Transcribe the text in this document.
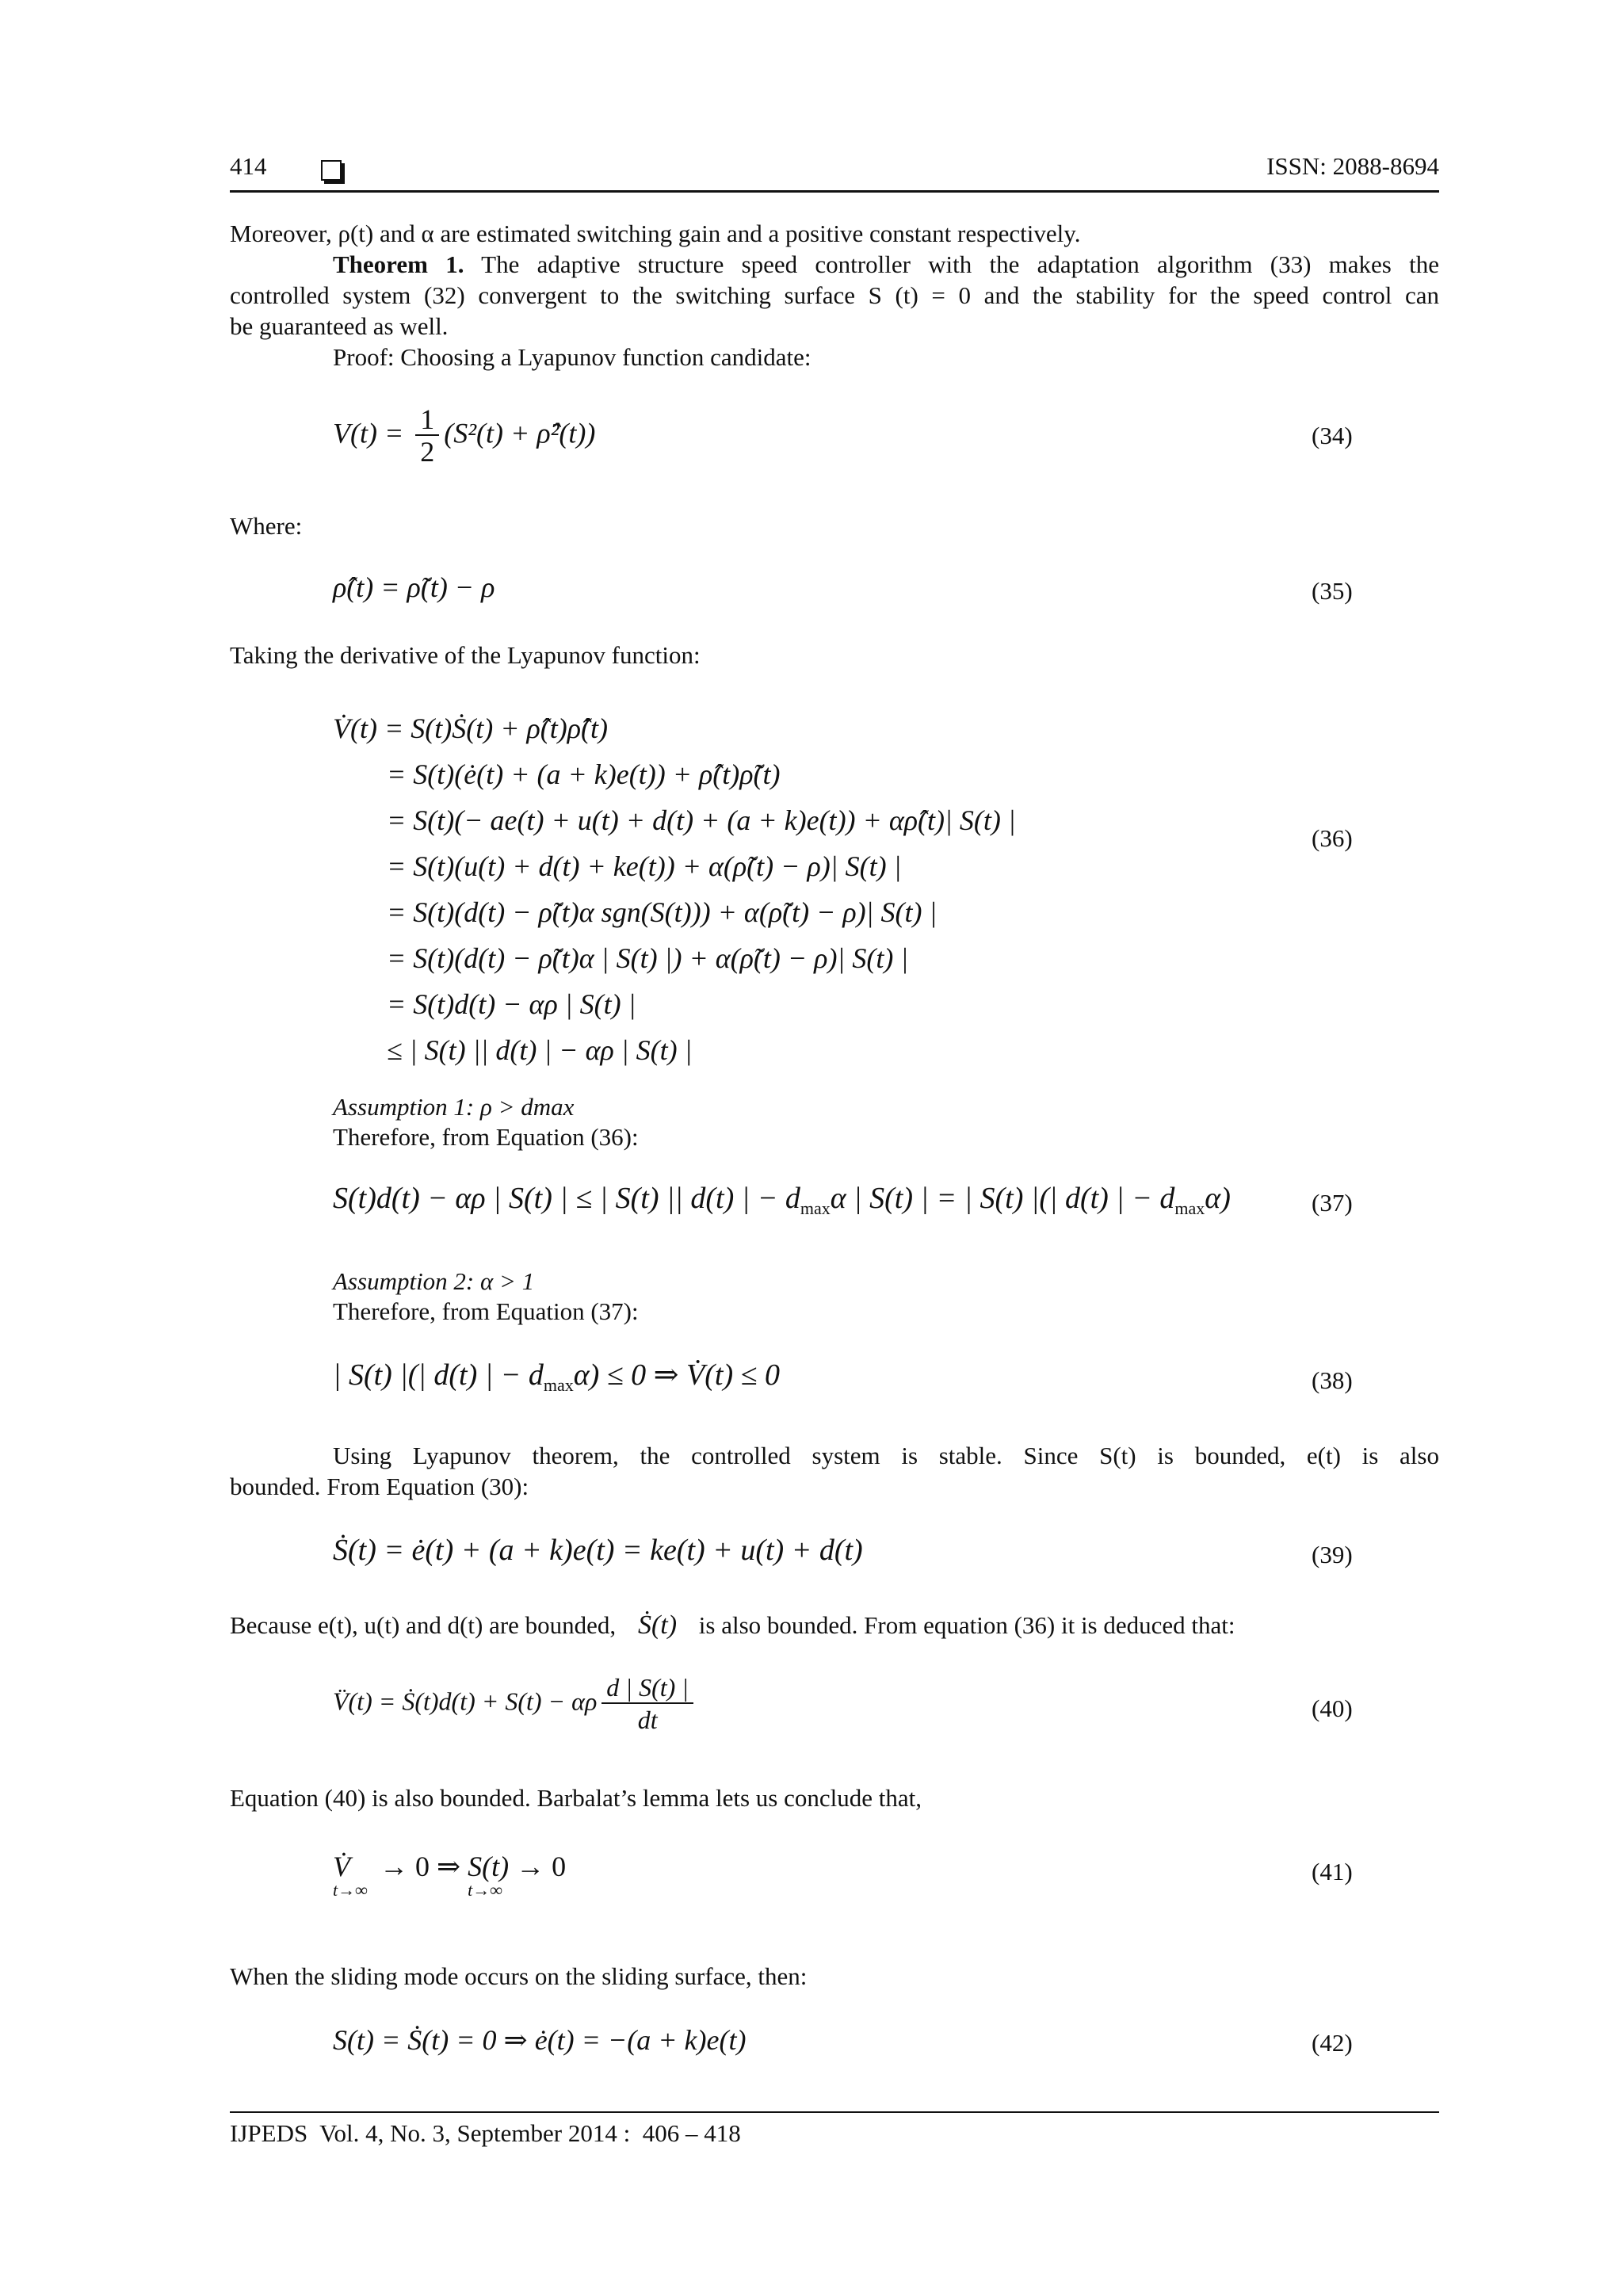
414	ISSN: 2088-8694
Moreover, ρ(t) and α are estimated switching gain and a positive constant respectively.
Theorem 1. The adaptive structure speed controller with the adaptation algorithm (33) makes the
controlled system (32) convergent to the switching surface S (t) = 0 and the stability for the speed control can
be guaranteed as well.
Proof: Choosing a Lyapunov function candidate:
$V(t) = \frac{1}{2} (S^2(t)$ + ρ̂²(t))	(34)
Where:
ρ̂(t) = ρ̃(t) − ρ	(35)
Taking the derivative of the Lyapunov function:
V̇(t) = S(t)Ṡ(t) + ρ̂(t)ρ̂̇(t)
= S(t)(ė(t) + (a + k)e(t)) + ρ̂(t)ρ̃̇(t)
= S(t)(− ae(t) + u(t) + d(t) + (a + k)e(t)) + αρ̂(t)| S(t) |
= S(t)(u(t) + d(t) + ke(t)) + α(ρ̃(t) − ρ)| S(t) |
= S(t)(d(t) − ρ̃(t)α sgn(S(t))) + α(ρ̃(t) − ρ)| S(t) |
= S(t)(d(t) − ρ̃(t)α | S(t) |) + α(ρ̃(t) − ρ)| S(t) |
= S(t)d(t) − αρ | S(t) |
≤ | S(t) || d(t) | − αρ | S(t) |
(36)
Assumption 1: ρ > dmax
Therefore, from Equation (36):
S(t)d(t) − αρ | S(t) | ≤ | S(t) || d(t) | − $d_{max}\alpha$ | S(t) | = | S(t) |(| d(t) | − $d_{max}\alpha$)	(37)
Assumption 2: α > 1
Therefore, from Equation (37):
| S(t) |(| d(t) | − $d_{max}\alpha) \le 0$ ⇒ V̇(t) ≤ 0	(38)
Using Lyapunov theorem, the controlled system is stable. Since S(t) is bounded, e(t) is also
bounded. From Equation (30):
Ṡ(t) = ė(t) + (a + k)e(t) = ke(t) + u(t) + d(t)	(39)
Because e(t), u(t) and d(t) are bounded, Ṡ(t) is also bounded. From equation (36) it is deduced that:
V̈(t) = Ṡ(t)d(t) + S(t) − αρ $\frac{d | S(t) |}{dt}$	(40)
Equation (40) is also bounded. Barbalat’s lemma lets us conclude that,
V̇
t→∞
→ 0 ⇒ S(t)
t→∞
→ 0	(41)
When the sliding mode occurs on the sliding surface, then:
S(t) = Ṡ(t) = 0 ⇒ ė(t) = −(a + k)e(t)	(42)
IJPEDS  Vol. 4, No. 3, September 2014 :  406 – 418
